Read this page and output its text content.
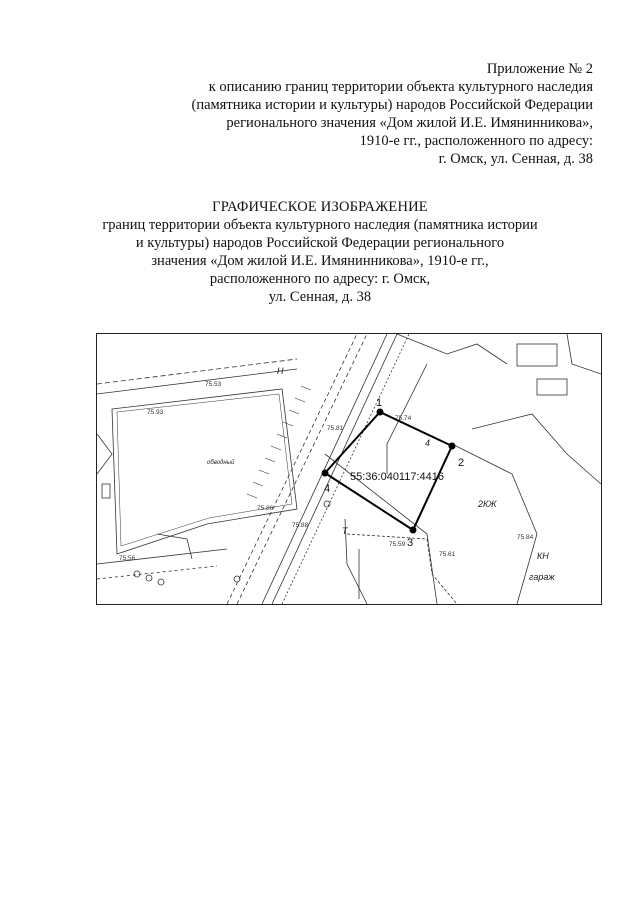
Приложение № 2
к описанию границ территории объекта культурного наследия
(памятника истории и культуры) народов Российской Федерации
регионального значения «Дом жилой И.Е. Имянинникова»,
1910-е гг., расположенного по адресу:
г. Омск, ул. Сенная, д. 38
ГРАФИЧЕСКОЕ ИЗОБРАЖЕНИЕ
границ территории объекта культурного наследия (памятника истории
и культуры) народов Российской Федерации регионального
значения «Дом жилой И.Е. Имянинникова», 1910-е гг.,
расположенного по адресу: г. Омск,
ул. Сенная, д. 38
1
2
3
4
55:36:040117:4416
75.53
75.93
75.74
75.61
75.59
75.56
75.86
75.88
75.84
75.81
2КЖ
КН
гараж
обводный
Н
Т
4
